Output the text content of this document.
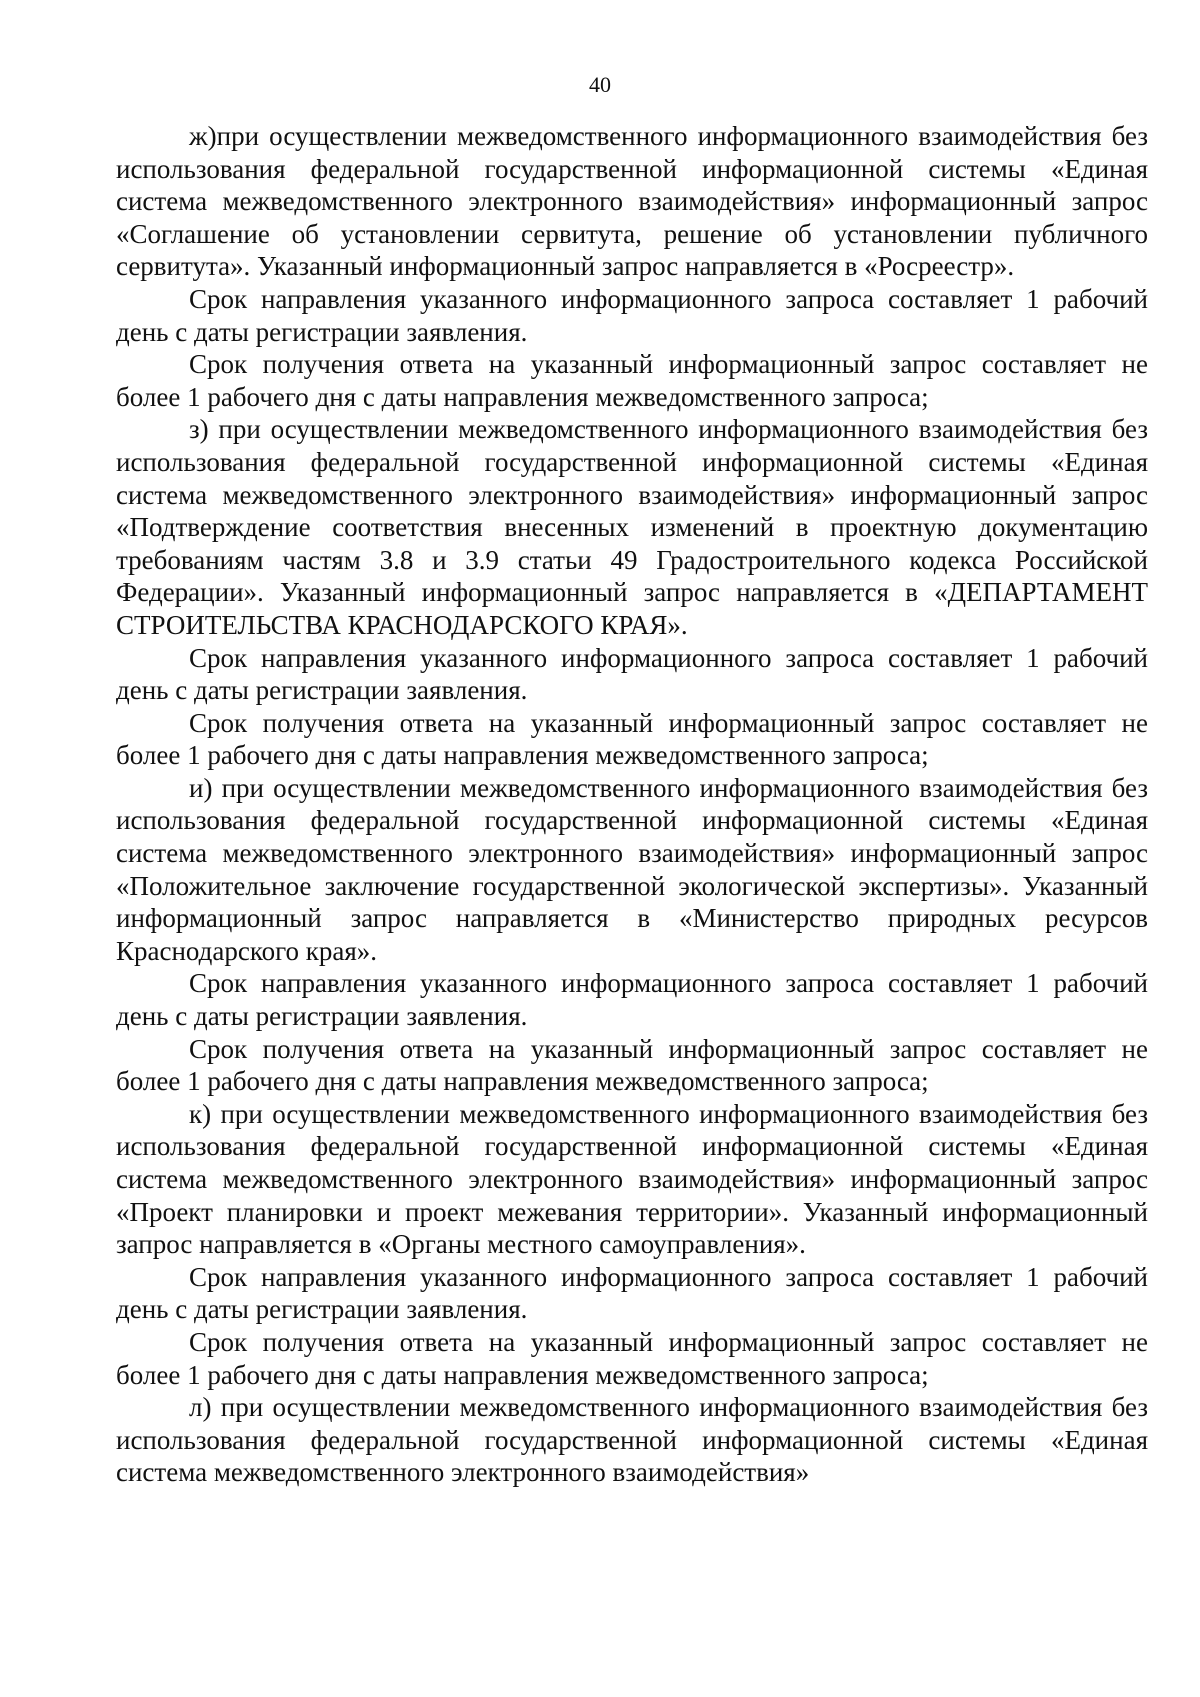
40

ж)при осуществлении межведомственного информационного взаимодействия без использования федеральной государственной информационной системы «Единая система межведомственного электронного взаимодействия» информационный запрос «Соглашение об установлении сервитута, решение об установлении публичного сервитута». Указанный информационный запрос направляется в «Росреестр».

Срок направления указанного информационного запроса составляет 1 рабочий день с даты регистрации заявления.

Срок получения ответа на указанный информационный запрос составляет не более 1 рабочего дня с даты направления межведомственного запроса;

з) при осуществлении межведомственного информационного взаимодействия без использования федеральной государственной информационной системы «Единая система межведомственного электронного взаимодействия» информационный запрос «Подтверждение соответствия внесенных изменений в проектную документацию требованиям частям 3.8 и 3.9 статьи 49 Градостроительного кодекса Российской Федерации». Указанный информационный запрос направляется в «ДЕПАРТАМЕНТ СТРОИТЕЛЬСТВА КРАСНОДАРСКОГО КРАЯ».

Срок направления указанного информационного запроса составляет 1 рабочий день с даты регистрации заявления.

Срок получения ответа на указанный информационный запрос составляет не более 1 рабочего дня с даты направления межведомственного запроса;

и) при осуществлении межведомственного информационного взаимодействия без использования федеральной государственной информационной системы «Единая система межведомственного электронного взаимодействия» информационный запрос «Положительное заключение государственной экологической экспертизы». Указанный информационный запрос направляется в «Министерство природных ресурсов Краснодарского края».

Срок направления указанного информационного запроса составляет 1 рабочий день с даты регистрации заявления.

Срок получения ответа на указанный информационный запрос составляет не более 1 рабочего дня с даты направления межведомственного запроса;

к) при осуществлении межведомственного информационного взаимодействия без использования федеральной государственной информационной системы «Единая система межведомственного электронного взаимодействия» информационный запрос «Проект планировки и проект межевания территории». Указанный информационный запрос направляется в «Органы местного самоуправления».

Срок направления указанного информационного запроса составляет 1 рабочий день с даты регистрации заявления.

Срок получения ответа на указанный информационный запрос составляет не более 1 рабочего дня с даты направления межведомственного запроса;

л) при осуществлении межведомственного информационного взаимодействия без использования федеральной государственной информационной системы «Единая система межведомственного электронного взаимодействия»
